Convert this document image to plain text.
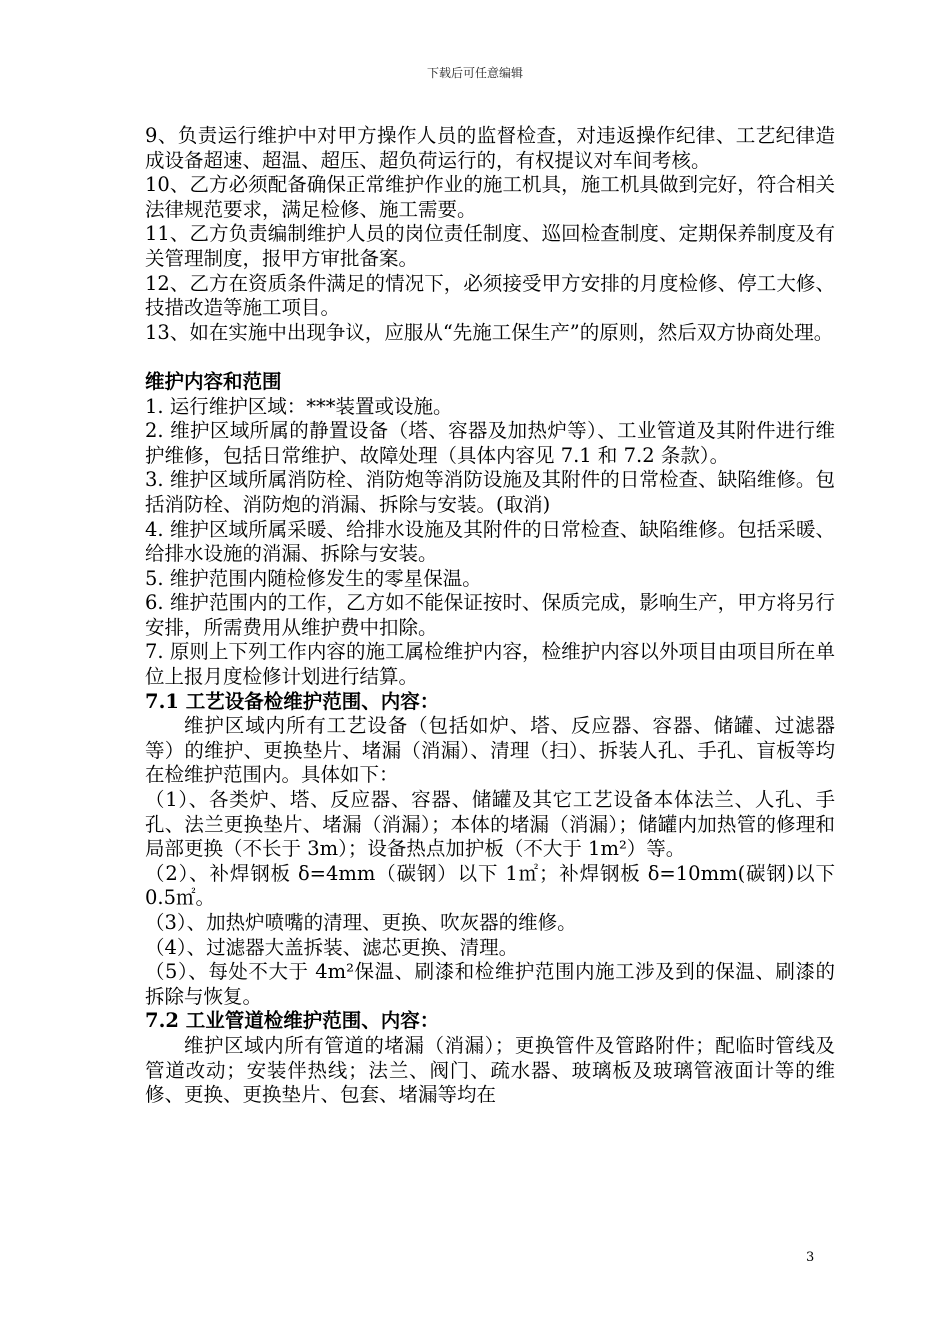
下载后可任意编辑

9、负责运行维护中对甲方操作人员的监督检查，对违返操作纪律、工艺纪律造成设备超速、超温、超压、超负荷运行的，有权提议对车间考核。

10、乙方必须配备确保正常维护作业的施工机具，施工机具做到完好，符合相关法律规范要求，满足检修、施工需要。

11、乙方负责编制维护人员的岗位责任制度、巡回检查制度、定期保养制度及有关管理制度，报甲方审批备案。

12、乙方在资质条件满足的情况下，必须接受甲方安排的月度检修、停工大修、技措改造等施工项目。

13、如在实施中出现争议，应服从“先施工保生产”的原则，然后双方协商处理。

维护内容和范围

1. 运行维护区域：***装置或设施。

2. 维护区域所属的静置设备（塔、容器及加热炉等）、工业管道及其附件进行维护维修，包括日常维护、故障处理（具体内容见 7.1 和 7.2 条款）。

3. 维护区域所属消防栓、消防炮等消防设施及其附件的日常检查、缺陷维修。包括消防栓、消防炮的消漏、拆除与安装。(取消)

4. 维护区域所属采暖、给排水设施及其附件的日常检查、缺陷维修。包括采暖、给排水设施的消漏、拆除与安装。

5. 维护范围内随检修发生的零星保温。

6. 维护范围内的工作，乙方如不能保证按时、保质完成，影响生产，甲方将另行安排，所需费用从维护费中扣除。

7. 原则上下列工作内容的施工属检维护内容，检维护内容以外项目由项目所在单位上报月度检修计划进行结算。

7.1 工艺设备检维护范围、内容：

维护区域内所有工艺设备（包括如炉、塔、反应器、容器、储罐、过滤器等）的维护、更换垫片、堵漏（消漏）、清理（扫）、拆装人孔、手孔、盲板等均在检维护范围内。具体如下：

（1）、各类炉、塔、反应器、容器、储罐及其它工艺设备本体法兰、人孔、手孔、法兰更换垫片、堵漏（消漏）；本体的堵漏（消漏）；储罐内加热管的修理和局部更换（不长于 3m）；设备热点加护板（不大于 1m²）等。

（2）、补焊钢板 δ=4mm（碳钢）以下 1㎡；补焊钢板 δ=10mm(碳钢)以下 0.5㎡。

（3）、加热炉喷嘴的清理、更换、吹灰器的维修。

（4）、过滤器大盖拆装、滤芯更换、清理。

（5）、每处不大于 4m²保温、刷漆和检维护范围内施工涉及到的保温、刷漆的拆除与恢复。

7.2 工业管道检维护范围、内容：

维护区域内所有管道的堵漏（消漏）；更换管件及管路附件；配临时管线及管道改动；安装伴热线；法兰、阀门、疏水器、玻璃板及玻璃管液面计等的维修、更换、更换垫片、包套、堵漏等均在

3
